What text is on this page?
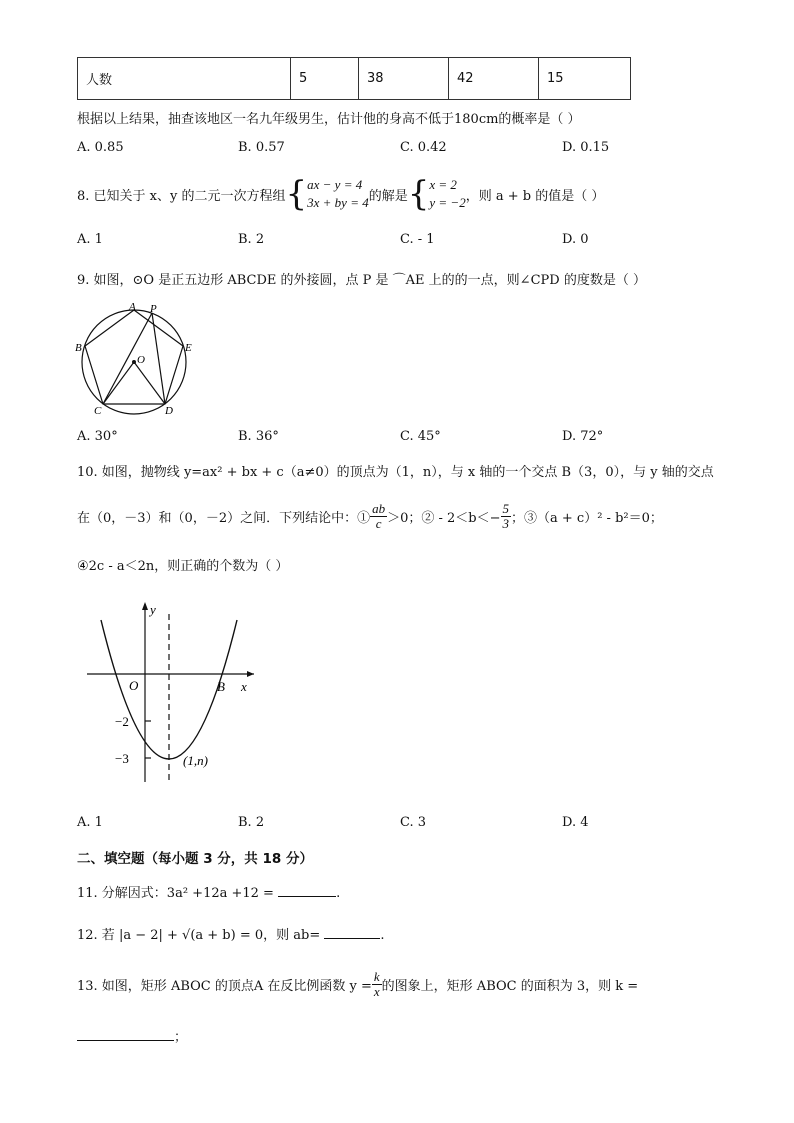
人数	5	38	42	15
根据以上结果，抽查该地区一名九年级男生，估计他的身高不低于180cm的概率是（ ）
A. 0.85	B. 0.57	C. 0.42	D. 0.15
8. 已知关于 x、y 的二元一次方程组 { ax − y = 4
3x + by = 4 的解是 { x = 2
y = −2 ，则 a + b 的值是（ ）
A. 1	B. 2	C. - 1	D. 0
9. 如图，⊙O 是正五边形 ABCDE 的外接圆，点 P 是 ⌒AE 上的的一点，则∠CPD 的度数是（ ）
A P
B	E
O
C	D
A. 30°	B. 36°	C. 45°	D. 72°
10. 如图，抛物线 y=ax² + bx + c（a≠0）的顶点为（1，n），与 x 轴的一个交点 B（3，0），与 y 轴的交点
在（0，－3）和（0，－2）之间．下列结论中：① $\frac{ab}{c} >0$；② - $2<b<- \frac{5}{3}$ ；③（a + c）² - b²＝0；
④2c - a＜2n，则正确的个数为（ ）
y
x
O	B
−2
−3	(1,n)
A. 1	B. 2	C. 3	D. 4
二、填空题（每小题 3 分，共 18 分）
11. 分解因式：3a² +12a +12 =	.
12. 若 |a − 2| + √(a + b) = 0，则 ab=	.
13. 如图，矩形 ABOC 的顶点A 在反比例函数 $y = \frac{k}{x}$ 的图象上，矩形 ABOC 的面积为 3，则 k =
；
